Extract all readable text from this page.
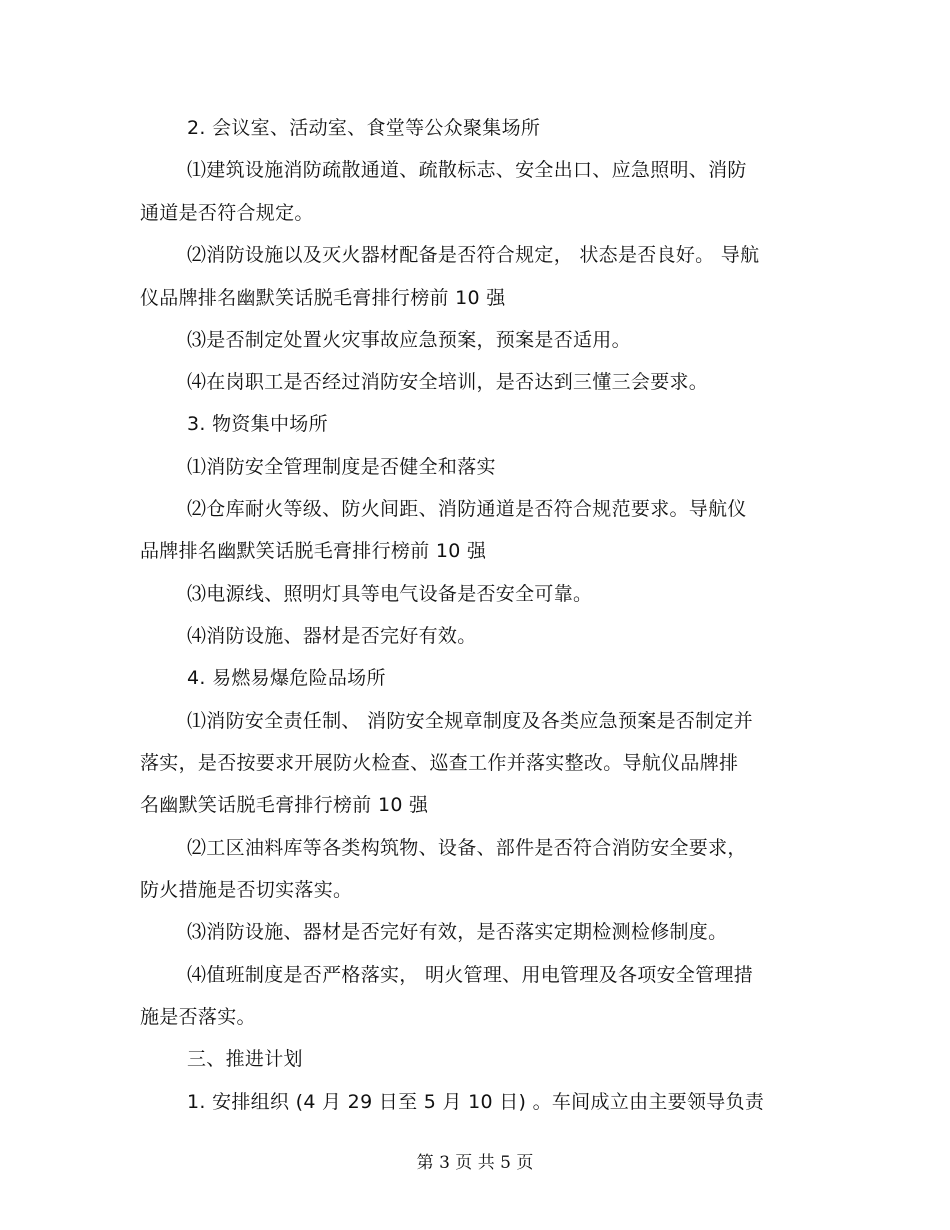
2. 会议室、活动室、食堂等公众聚集场所
⑴建筑设施消防疏散通道、疏散标志、安全出口、应急照明、消防
通道是否符合规定。
⑵消防设施以及灭火器材配备是否符合规定， 状态是否良好。 导航
仪品牌排名幽默笑话脱毛膏排行榜前 10 强
⑶是否制定处置火灾事故应急预案，预案是否适用。
⑷在岗职工是否经过消防安全培训，是否达到三懂三会要求。
3. 物资集中场所
⑴消防安全管理制度是否健全和落实
⑵仓库耐火等级、防火间距、消防通道是否符合规范要求。导航仪
品牌排名幽默笑话脱毛膏排行榜前 10 强
⑶电源线、照明灯具等电气设备是否安全可靠。
⑷消防设施、器材是否完好有效。
4. 易燃易爆危险品场所
⑴消防安全责任制、 消防安全规章制度及各类应急预案是否制定并
落实，是否按要求开展防火检查、巡查工作并落实整改。导航仪品牌排
名幽默笑话脱毛膏排行榜前 10 强
⑵工区油料库等各类构筑物、设备、部件是否符合消防安全要求，
防火措施是否切实落实。
⑶消防设施、器材是否完好有效，是否落实定期检测检修制度。
⑷值班制度是否严格落实， 明火管理、用电管理及各项安全管理措
施是否落实。
三、推进计划
1. 安排组织 (4 月 29 日至 5 月 10 日) 。车间成立由主要领导负责
第 3 页 共 5 页
